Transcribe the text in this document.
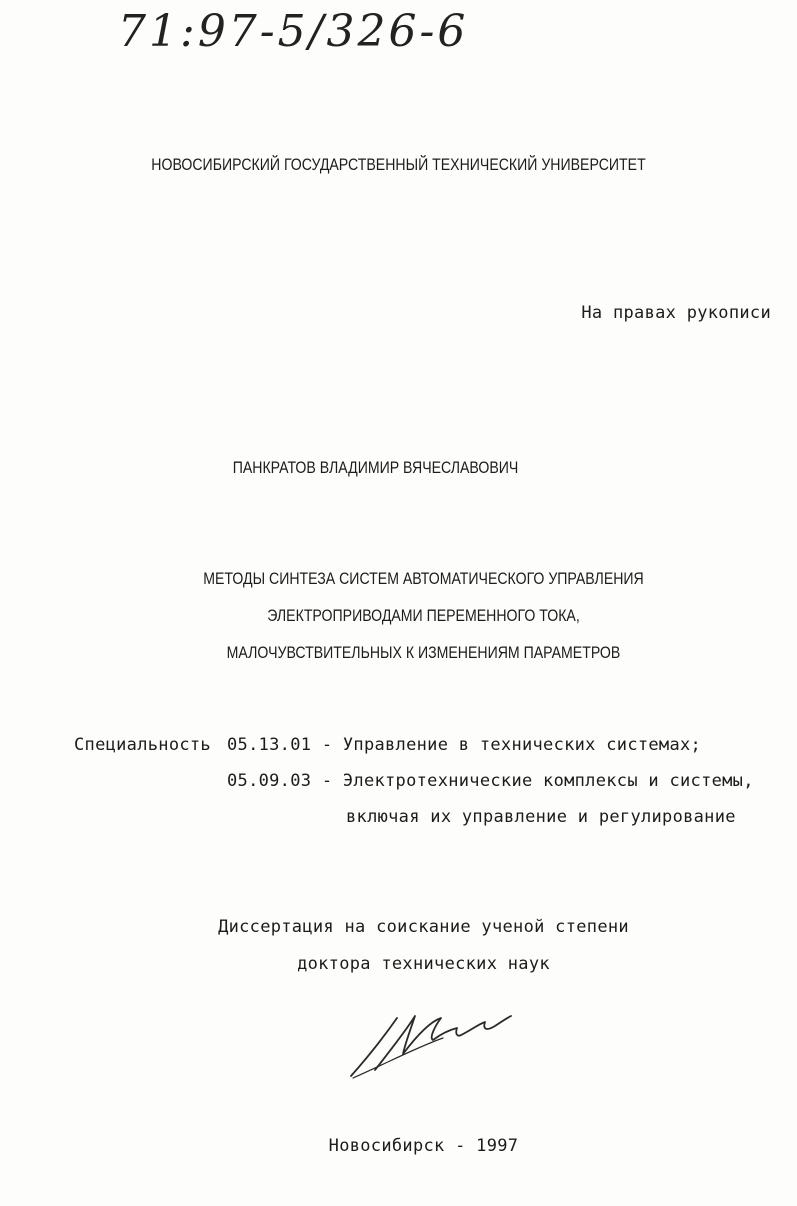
71:97-5/326-6

НОВОСИБИРСКИЙ ГОСУДАРСТВЕННЫЙ ТЕХНИЧЕСКИЙ УНИВЕРСИТЕТ

На правах рукописи

ПАНКРАТОВ ВЛАДИМИР ВЯЧЕСЛАВОВИЧ

МЕТОДЫ СИНТЕЗА СИСТЕМ АВТОМАТИЧЕСКОГО УПРАВЛЕНИЯ

ЭЛЕКТРОПРИВОДАМИ ПЕРЕМЕННОГО ТОКА,

МАЛОЧУВСТВИТЕЛЬНЫХ К ИЗМЕНЕНИЯМ ПАРАМЕТРОВ

Специальность 05.13.01 - Управление в технических системах;

05.09.03 - Электротехнические комплексы и системы,

включая их управление и регулирование

Диссертация на соискание ученой степени

доктора технических наук

Новосибирск - 1997
